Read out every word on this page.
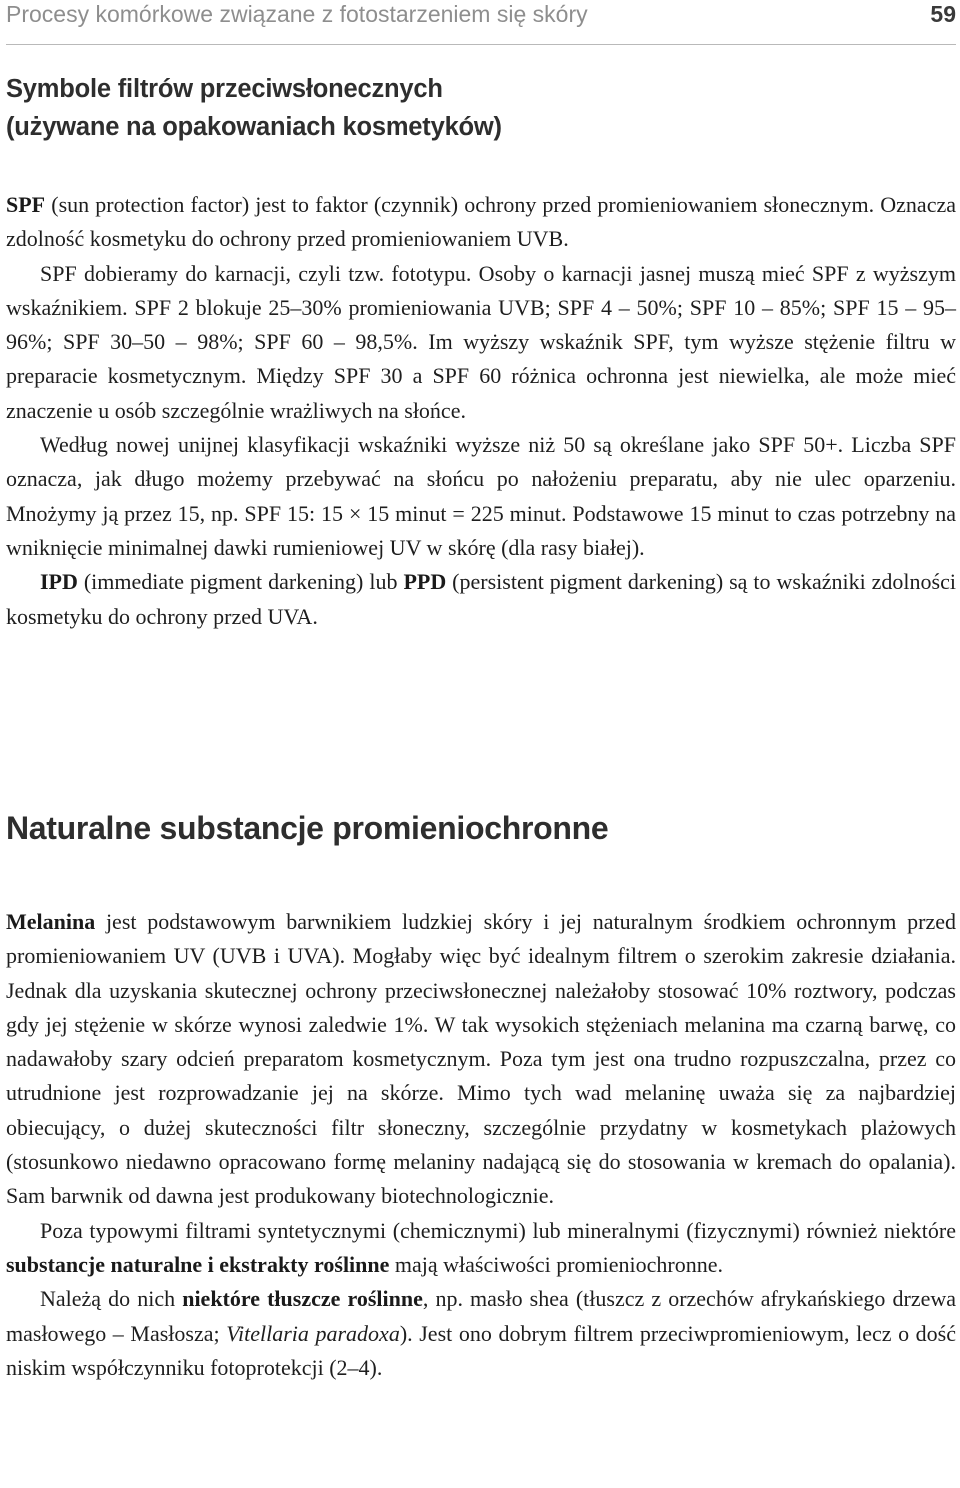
Procesy komórkowe związane z fotostarzeniem się skóry	59
Symbole filtrów przeciwsłonecznych
(używane na opakowaniach kosmetyków)

SPF (sun protection factor) jest to faktor (czynnik) ochrony przed promieniowaniem słonecznym. Oznacza zdolność kosmetyku do ochrony przed promieniowaniem UVB.

SPF dobieramy do karnacji, czyli tzw. fototypu. Osoby o karnacji jasnej muszą mieć SPF z wyższym wskaźnikiem. SPF 2 blokuje 25–30% promieniowania UVB; SPF 4 – 50%; SPF 10 – 85%; SPF 15 – 95–96%; SPF 30–50 – 98%; SPF 60 – 98,5%. Im wyższy wskaźnik SPF, tym wyższe stężenie filtru w preparacie kosmetycznym. Między SPF 30 a SPF 60 różnica ochronna jest niewielka, ale może mieć znaczenie u osób szczególnie wrażliwych na słońce.

Według nowej unijnej klasyfikacji wskaźniki wyższe niż 50 są określane jako SPF 50+. Liczba SPF oznacza, jak długo możemy przebywać na słońcu po nałożeniu preparatu, aby nie ulec oparzeniu. Mnożymy ją przez 15, np. SPF 15: 15 × 15 minut = 225 minut. Podstawowe 15 minut to czas potrzebny na wniknięcie minimalnej dawki rumieniowej UV w skórę (dla rasy białej).

IPD (immediate pigment darkening) lub PPD (persistent pigment darkening) są to wskaźniki zdolności kosmetyku do ochrony przed UVA.

Naturalne substancje promieniochronne

Melanina jest podstawowym barwnikiem ludzkiej skóry i jej naturalnym środkiem ochronnym przed promieniowaniem UV (UVB i UVA). Mogłaby więc być idealnym filtrem o szerokim zakresie działania. Jednak dla uzyskania skutecznej ochrony przeciwsłonecznej należałoby stosować 10% roztwory, podczas gdy jej stężenie w skórze wynosi zaledwie 1%. W tak wysokich stężeniach melanina ma czarną barwę, co nadawałoby szary odcień preparatom kosmetycznym. Poza tym jest ona trudno rozpuszczalna, przez co utrudnione jest rozprowadzanie jej na skórze. Mimo tych wad melaninę uważa się za najbardziej obiecujący, o dużej skuteczności filtr słoneczny, szczególnie przydatny w kosmetykach plażowych (stosunkowo niedawno opracowano formę melaniny nadającą się do stosowania w kremach do opalania). Sam barwnik od dawna jest produkowany biotechnologicznie.

Poza typowymi filtrami syntetycznymi (chemicznymi) lub mineralnymi (fizycznymi) również niektóre substancje naturalne i ekstrakty roślinne mają właściwości promieniochronne.

Należą do nich niektóre tłuszcze roślinne, np. masło shea (tłuszcz z orzechów afrykańskiego drzewa masłowego – Masłosza; Vitellaria paradoxa). Jest ono dobrym filtrem przeciwpromieniowym, lecz o dość niskim współczynniku fotoprotekcji (2–4).
